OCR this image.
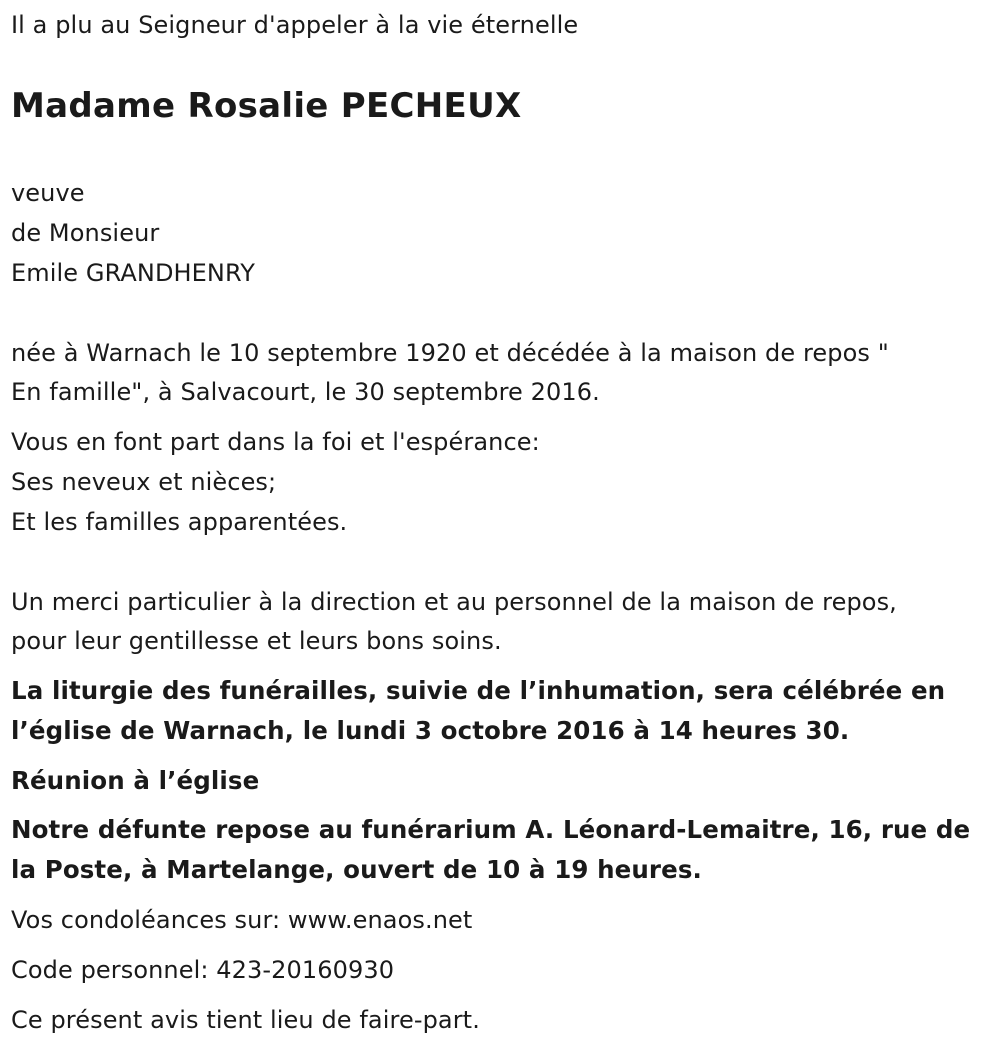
Il a plu au Seigneur d'appeler à la vie éternelle
Madame Rosalie PECHEUX
veuve
de Monsieur
Emile GRANDHENRY
née à Warnach le 10 septembre 1920 et décédée à la maison de repos "
En famille", à Salvacourt, le 30 septembre 2016.
Vous en font part dans la foi et l'espérance:
Ses neveux et nièces;
Et les familles apparentées.
Un merci particulier à la direction et au personnel de la maison de repos,
pour leur gentillesse et leurs bons soins.
La liturgie des funérailles, suivie de l’inhumation, sera célébrée en
l’église de Warnach, le lundi 3 octobre 2016 à 14 heures 30.
Réunion à l’église
Notre défunte repose au funérarium A. Léonard-Lemaitre, 16, rue de
la Poste, à Martelange, ouvert de 10 à 19 heures.
Vos condoléances sur: www.enaos.net
Code personnel: 423-20160930
Ce présent avis tient lieu de faire-part.
